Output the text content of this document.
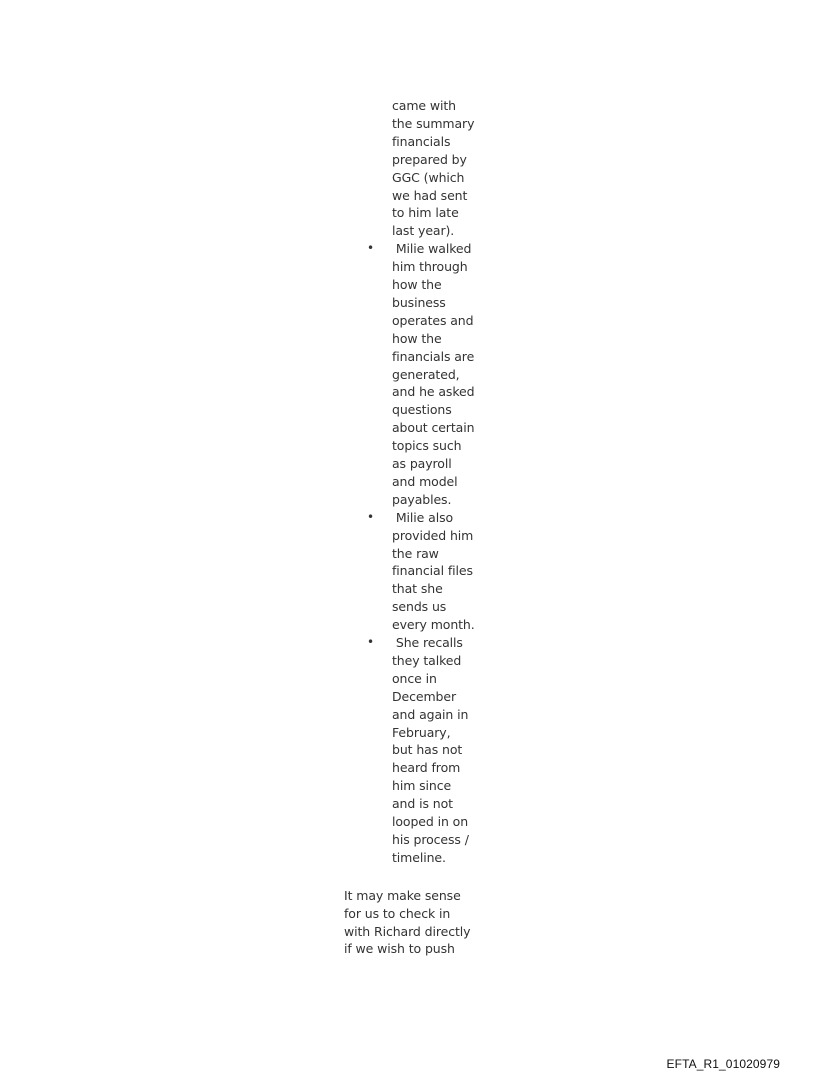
came with
the summary
financials
prepared by
GGC (which
we had sent
to him late
last year).
• Milie walked
him through
how the
business
operates and
how the
financials are
generated,
and he asked
questions
about certain
topics such
as payroll
and model
payables.
• Milie also
provided him
the raw
financial files
that she
sends us
every month.
• She recalls
they talked
once in
December
and again in
February,
but has not
heard from
him since
and is not
looped in on
his process /
timeline.
It may make sense
for us to check in
with Richard directly
if we wish to push
EFTA_R1_01020979
